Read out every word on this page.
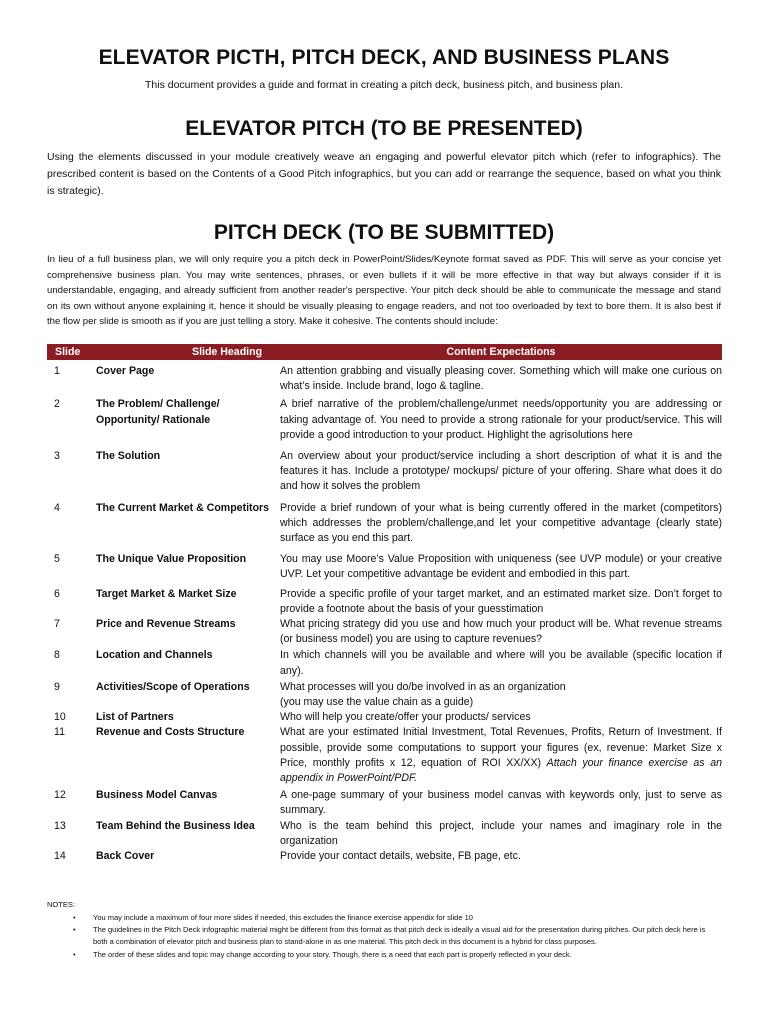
ELEVATOR PICTH, PITCH DECK, AND BUSINESS PLANS

This document provides a guide and format in creating a pitch deck, business pitch, and business plan.

ELEVATOR PITCH (TO BE PRESENTED)

Using the elements discussed in your module creatively weave an engaging and powerful elevator pitch which (refer to infographics). The prescribed content is based on the Contents of a Good Pitch infographics, but you can add or rearrange the sequence, based on what you think is strategic).

PITCH DECK (TO BE SUBMITTED)

In lieu of a full business plan, we will only require you a pitch deck in PowerPoint/Slides/Keynote format saved as PDF. This will serve as your concise yet comprehensive business plan. You may write sentences, phrases, or even bullets if it will be more effective in that way but always consider if it is understandable, engaging, and already sufficient from another reader's perspective. Your pitch deck should be able to communicate the message and stand on its own without anyone explaining it, hence it should be visually pleasing to engage readers, and not too overloaded by text to bore them. It is also best if the flow per slide is smooth as if you are just telling a story. Make it cohesive. The contents should include:

Slide	Slide Heading	Content Expectations
1	Cover Page	An attention grabbing and visually pleasing cover. Something which will make one curious on what’s inside. Include brand, logo & tagline.
2	The Problem/ Challenge/ Opportunity/ Rationale	A brief narrative of the problem/challenge/unmet needs/opportunity you are addressing or taking advantage of. You need to provide a strong rationale for your product/service. This will provide a good introduction to your product. Highlight the agrisolutions here
3	The Solution	An overview about your product/service including a short description of what it is and the features it has. Include a prototype/ mockups/ picture of your offering. Share what does it do and how it solves the problem
4	The Current Market & Competitors	Provide a brief rundown of your what is being currently offered in the market (competitors) which addresses the problem/challenge,and let your competitive advantage (clearly state) surface as you end this part.
5	The Unique Value Proposition	You may use Moore’s Value Proposition with uniqueness (see UVP module) or your creative UVP. Let your competitive advantage be evident and embodied in this part.
6	Target Market & Market Size	Provide a specific profile of your target market, and an estimated market size. Don’t forget to provide a footnote about the basis of your guesstimation
7	Price and Revenue Streams	What pricing strategy did you use and how much your product will be. What revenue streams (or business model) you are using to capture revenues?
8	Location and Channels	In which channels will you be available and where will you be available (specific location if any).
9	Activities/Scope of Operations	What processes will you do/be involved in as an organization
(you may use the value chain as a guide)
10	List of Partners	Who will help you create/offer your products/ services
11	Revenue and Costs Structure	What are your estimated Initial Investment, Total Revenues, Profits, Return of Investment. If possible, provide some computations to support your figures (ex, revenue: Market Size x Price, monthly profits x 12, equation of ROI XX/XX) Attach your finance exercise as an appendix in PowerPoint/PDF.
12	Business Model Canvas	A one-page summary of your business model canvas with keywords only, just to serve as summary.
13	Team Behind the Business Idea	Who is the team behind this project, include your names and imaginary role in the organization
14	Back Cover	Provide your contact details, website, FB page, etc.

NOTES:

• You may include a maximum of four more slides if needed, this excludes the finance exercise appendix for slide 10
• The guidelines in the Pitch Deck infographic material might be different from this format as that pitch deck is ideally a visual aid for the presentation during pitches. Our pitch deck here is both a combination of elevator pitch and business plan to stand-alone in as one material. This pitch deck in this document is a hybrid for class purposes.
• The order of these slides and topic may change according to your story. Though, there is a need that each part is properly reflected in your deck.
